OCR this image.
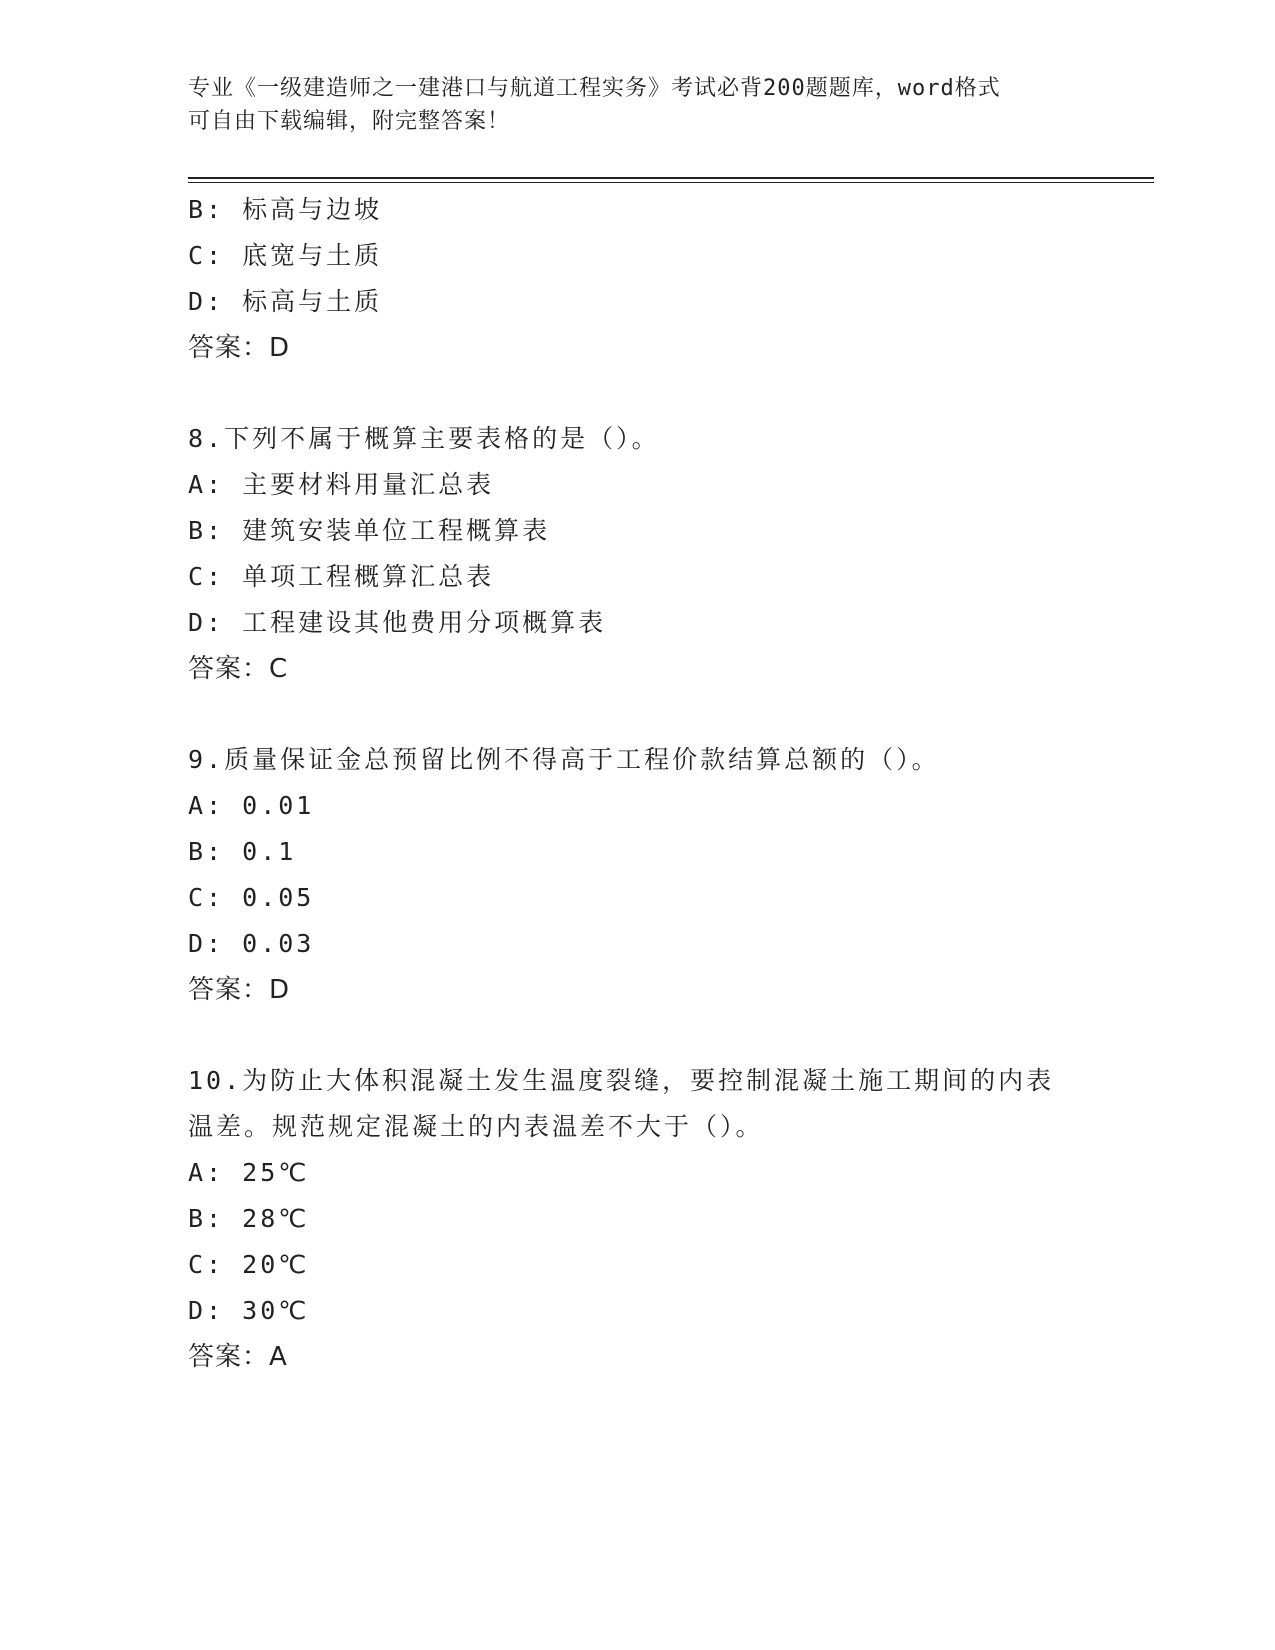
专业《一级建造师之一建港口与航道工程实务》考试必背200题题库，word格式
可自由下载编辑，附完整答案！
B: 标高与边坡
C: 底宽与土质
D: 标高与土质
答案：D
8.下列不属于概算主要表格的是（）。
A: 主要材料用量汇总表
B: 建筑安装单位工程概算表
C: 单项工程概算汇总表
D: 工程建设其他费用分项概算表
答案：C
9.质量保证金总预留比例不得高于工程价款结算总额的（）。
A: 0.01
B: 0.1
C: 0.05
D: 0.03
答案：D
10.为防止大体积混凝土发生温度裂缝，要控制混凝土施工期间的内表
温差。规范规定混凝土的内表温差不大于（）。
A: 25℃
B: 28℃
C: 20℃
D: 30℃
答案：A
